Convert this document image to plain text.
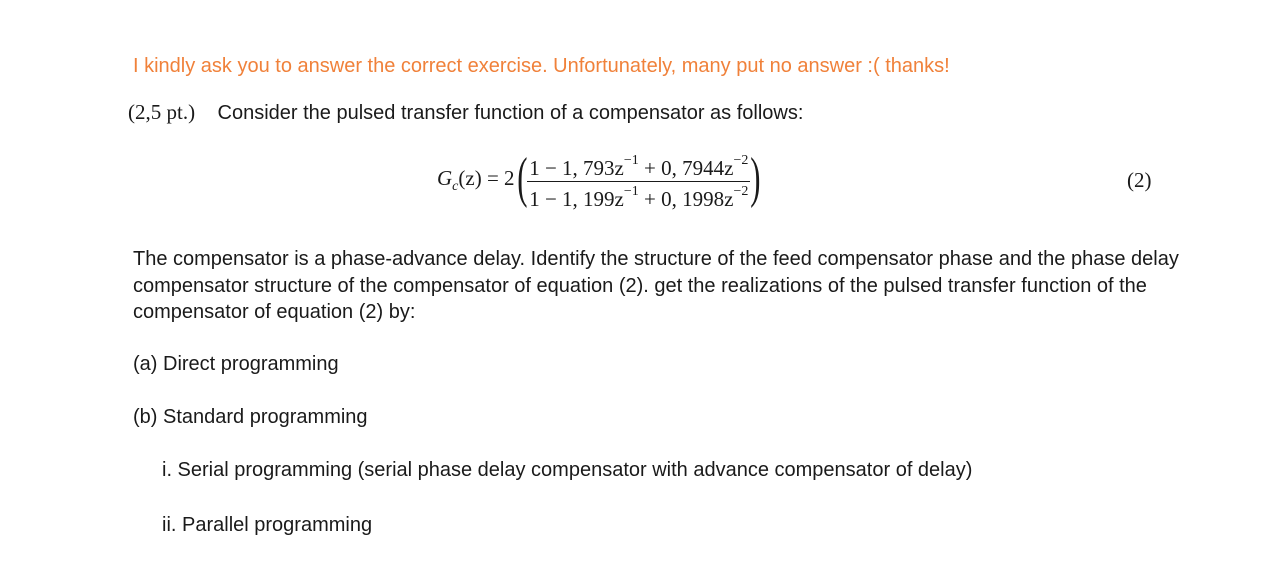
I kindly ask you to answer the correct exercise. Unfortunately, many put no answer :( thanks!
(2,5 pt.) Consider the pulsed transfer function of a compensator as follows:
$G_c(z) = 2$ ( $\frac{1 - 1, 793z^{-1} + 0, 7944z^{-2}}{1 - 1, 199z^{-1} + 0, 1998z^{-2}}$ )	(2)
The compensator is a phase-advance delay. Identify the structure of the feed compensator phase and the phase delay compensator structure of the compensator of equation (2). get the realizations of the pulsed transfer function of the compensator of equation (2) by:
(a) Direct programming
(b) Standard programming
i. Serial programming (serial phase delay compensator with advance compensator of delay)
ii. Parallel programming
